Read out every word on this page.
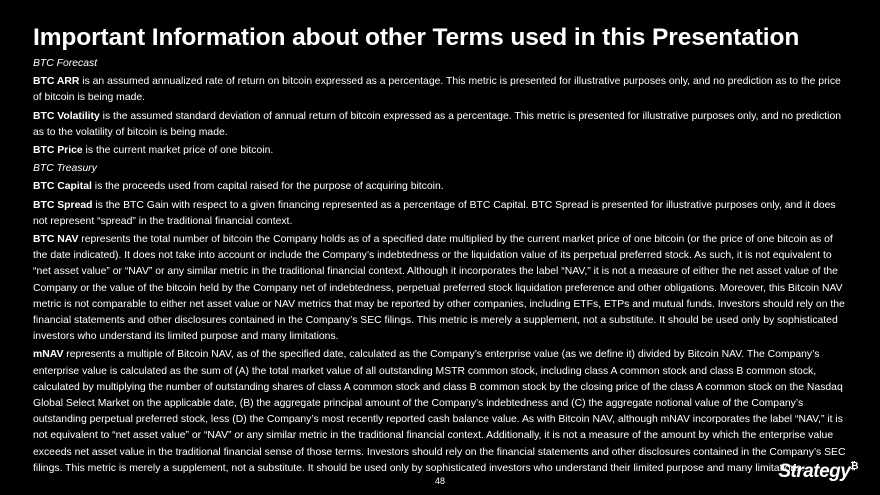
Important Information about other Terms used in this Presentation

BTC Forecast

BTC ARR is an assumed annualized rate of return on bitcoin expressed as a percentage. This metric is presented for illustrative purposes only, and no prediction as to the price of bitcoin is being made.

BTC Volatility is the assumed standard deviation of annual return of bitcoin expressed as a percentage. This metric is presented for illustrative purposes only, and no prediction as to the volatility of bitcoin is being made.

BTC Price is the current market price of one bitcoin.

BTC Treasury

BTC Capital is the proceeds used from capital raised for the purpose of acquiring bitcoin.

BTC Spread is the BTC Gain with respect to a given financing represented as a percentage of BTC Capital. BTC Spread is presented for illustrative purposes only, and it does not represent “spread” in the traditional financial context.

BTC NAV represents the total number of bitcoin the Company holds as of a specified date multiplied by the current market price of one bitcoin (or the price of one bitcoin as of the date indicated). It does not take into account or include the Company’s indebtedness or the liquidation value of its perpetual preferred stock. As such, it is not equivalent to “net asset value” or “NAV” or any similar metric in the traditional financial context. Although it incorporates the label “NAV,” it is not a measure of either the net asset value of the Company or the value of the bitcoin held by the Company net of indebtedness, perpetual preferred stock liquidation preference and other obligations. Moreover, this Bitcoin NAV metric is not comparable to either net asset value or NAV metrics that may be reported by other companies, including ETFs, ETPs and mutual funds. Investors should rely on the financial statements and other disclosures contained in the Company’s SEC filings. This metric is merely a supplement, not a substitute. It should be used only by sophisticated investors who understand its limited purpose and many limitations.

mNAV represents a multiple of Bitcoin NAV, as of the specified date, calculated as the Company’s enterprise value (as we define it) divided by Bitcoin NAV. The Company’s enterprise value is calculated as the sum of (A) the total market value of all outstanding MSTR common stock, including class A common stock and class B common stock, calculated by multiplying the number of outstanding shares of class A common stock and class B common stock by the closing price of the class A common stock on the Nasdaq Global Select Market on the applicable date, (B) the aggregate principal amount of the Company’s indebtedness and (C) the aggregate notional value of the Company’s outstanding perpetual preferred stock, less (D) the Company’s most recently reported cash balance value. As with Bitcoin NAV, although mNAV incorporates the label “NAV,” it is not equivalent to “net asset value” or “NAV” or any similar metric in the traditional financial context. Additionally, it is not a measure of the amount by which the enterprise value exceeds net asset value in the traditional financial sense of those terms. Investors should rely on the financial statements and other disclosures contained in the Company’s SEC filings. This metric is merely a supplement, not a substitute. It should be used only by sophisticated investors who understand their limited purpose and many limitations.

48	Strategy₿
